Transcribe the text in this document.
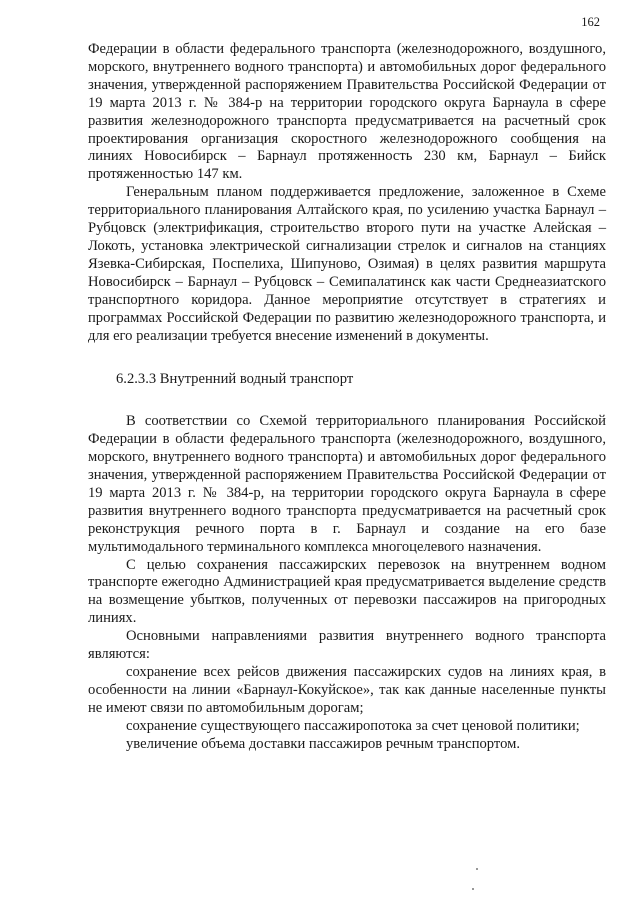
162

Федерации в области федерального транспорта (железнодорожного, воздушного, морского, внутреннего водного транспорта) и автомобильных дорог федерального значения, утвержденной распоряжением Правительства Российской Федерации от 19 марта 2013 г. № 384-р на территории городского округа Барнаула в сфере развития железнодорожного транспорта предусматривается на расчетный срок проектирования организация скоростного железнодорожного сообщения на линиях Новосибирск – Барнаул протяженность 230 км, Барнаул – Бийск протяженностью 147 км.

Генеральным планом поддерживается предложение, заложенное в Схеме территориального планирования Алтайского края, по усилению участка Барнаул – Рубцовск (электрификация, строительство второго пути на участке Алейская – Локоть, установка электрической сигнализации стрелок и сигналов на станциях Язевка-Сибирская, Поспелиха, Шипуново, Озимая) в целях развития маршрута Новосибирск – Барнаул – Рубцовск – Семипалатинск как части Среднеазиатского транспортного коридора. Данное мероприятие отсутствует в стратегиях и программах Российской Федерации по развитию железнодорожного транспорта, и для его реализации требуется внесение изменений в документы.

6.2.3.3 Внутренний водный транспорт

В соответствии со Схемой территориального планирования Российской Федерации в области федерального транспорта (железнодорожного, воздушного, морского, внутреннего водного транспорта) и автомобильных дорог федерального значения, утвержденной распоряжением Правительства Российской Федерации от 19 марта 2013 г. № 384-р, на территории городского округа Барнаула в сфере развития внутреннего водного транспорта предусматривается на расчетный срок реконструкция речного порта в г. Барнаул и создание на его базе мультимодального терминального комплекса многоцелевого назначения.

С целью сохранения пассажирских перевозок на внутреннем водном транспорте ежегодно Администрацией края предусматривается выделение средств на возмещение убытков, полученных от перевозки пассажиров на пригородных линиях.

Основными направлениями развития внутреннего водного транспорта являются:

сохранение всех рейсов движения пассажирских судов на линиях края, в особенности на линии «Барнаул-Кокуйское», так как данные населенные пункты не имеют связи по автомобильным дорогам;

сохранение существующего пассажиропотока за счет ценовой политики;

увеличение объема доставки пассажиров речным транспортом.
